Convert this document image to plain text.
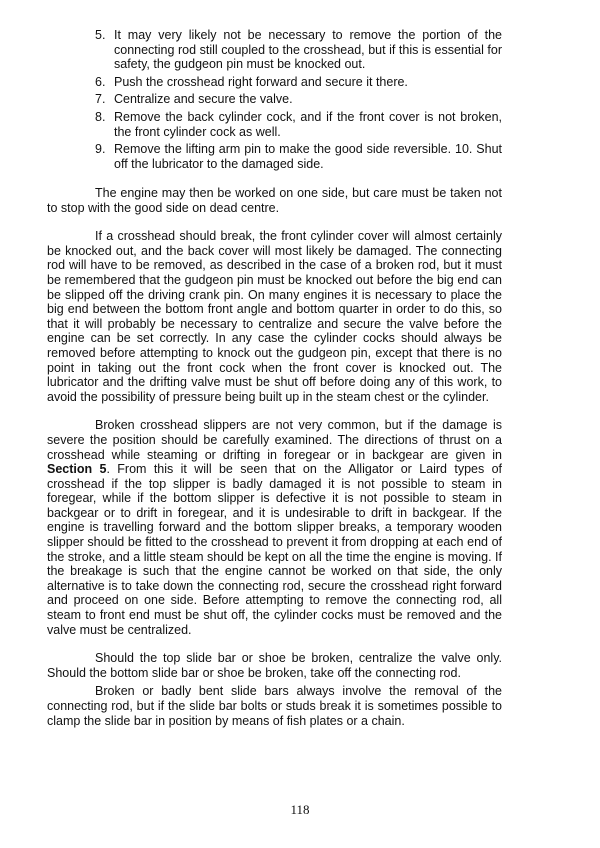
5. It may very likely not be necessary to remove the portion of the connecting rod still coupled to the crosshead, but if this is essential for safety, the gudgeon pin must be knocked out.
6. Push the crosshead right forward and secure it there.
7. Centralize and secure the valve.
8. Remove the back cylinder cock, and if the front cover is not broken, the front cylinder cock as well.
9. Remove the lifting arm pin to make the good side reversible. 10. Shut off the lubricator to the damaged side.

The engine may then be worked on one side, but care must be taken not to stop with the good side on dead centre.

If a crosshead should break, the front cylinder cover will almost certainly be knocked out, and the back cover will most likely be damaged. The connecting rod will have to be removed, as described in the case of a broken rod, but it must be remembered that the gudgeon pin must be knocked out before the big end can be slipped off the driving crank pin. On many engines it is necessary to place the big end between the bottom front angle and bottom quarter in order to do this, so that it will probably be necessary to centralize and secure the valve before the engine can be set correctly. In any case the cylinder cocks should always be removed before attempting to knock out the gudgeon pin, except that there is no point in taking out the front cock when the front cover is knocked out. The lubricator and the drifting valve must be shut off before doing any of this work, to avoid the possibility of pressure being built up in the steam chest or the cylinder.

Broken crosshead slippers are not very common, but if the damage is severe the position should be carefully examined. The directions of thrust on a crosshead while steaming or drifting in foregear or in backgear are given in Section 5. From this it will be seen that on the Alligator or Laird types of crosshead if the top slipper is badly damaged it is not possible to steam in foregear, while if the bottom slipper is defective it is not possible to steam in backgear or to drift in foregear, and it is undesirable to drift in backgear. If the engine is travelling forward and the bottom slipper breaks, a temporary wooden slipper should be fitted to the crosshead to prevent it from dropping at each end of the stroke, and a little steam should be kept on all the time the engine is moving. If the breakage is such that the engine cannot be worked on that side, the only alternative is to take down the connecting rod, secure the crosshead right forward and proceed on one side. Before attempting to remove the connecting rod, all steam to front end must be shut off, the cylinder cocks must be removed and the valve must be centralized.

Should the top slide bar or shoe be broken, centralize the valve only. Should the bottom slide bar or shoe be broken, take off the connecting rod.

Broken or badly bent slide bars always involve the removal of the connecting rod, but if the slide bar bolts or studs break it is sometimes possible to clamp the slide bar in position by means of fish plates or a chain.

118
